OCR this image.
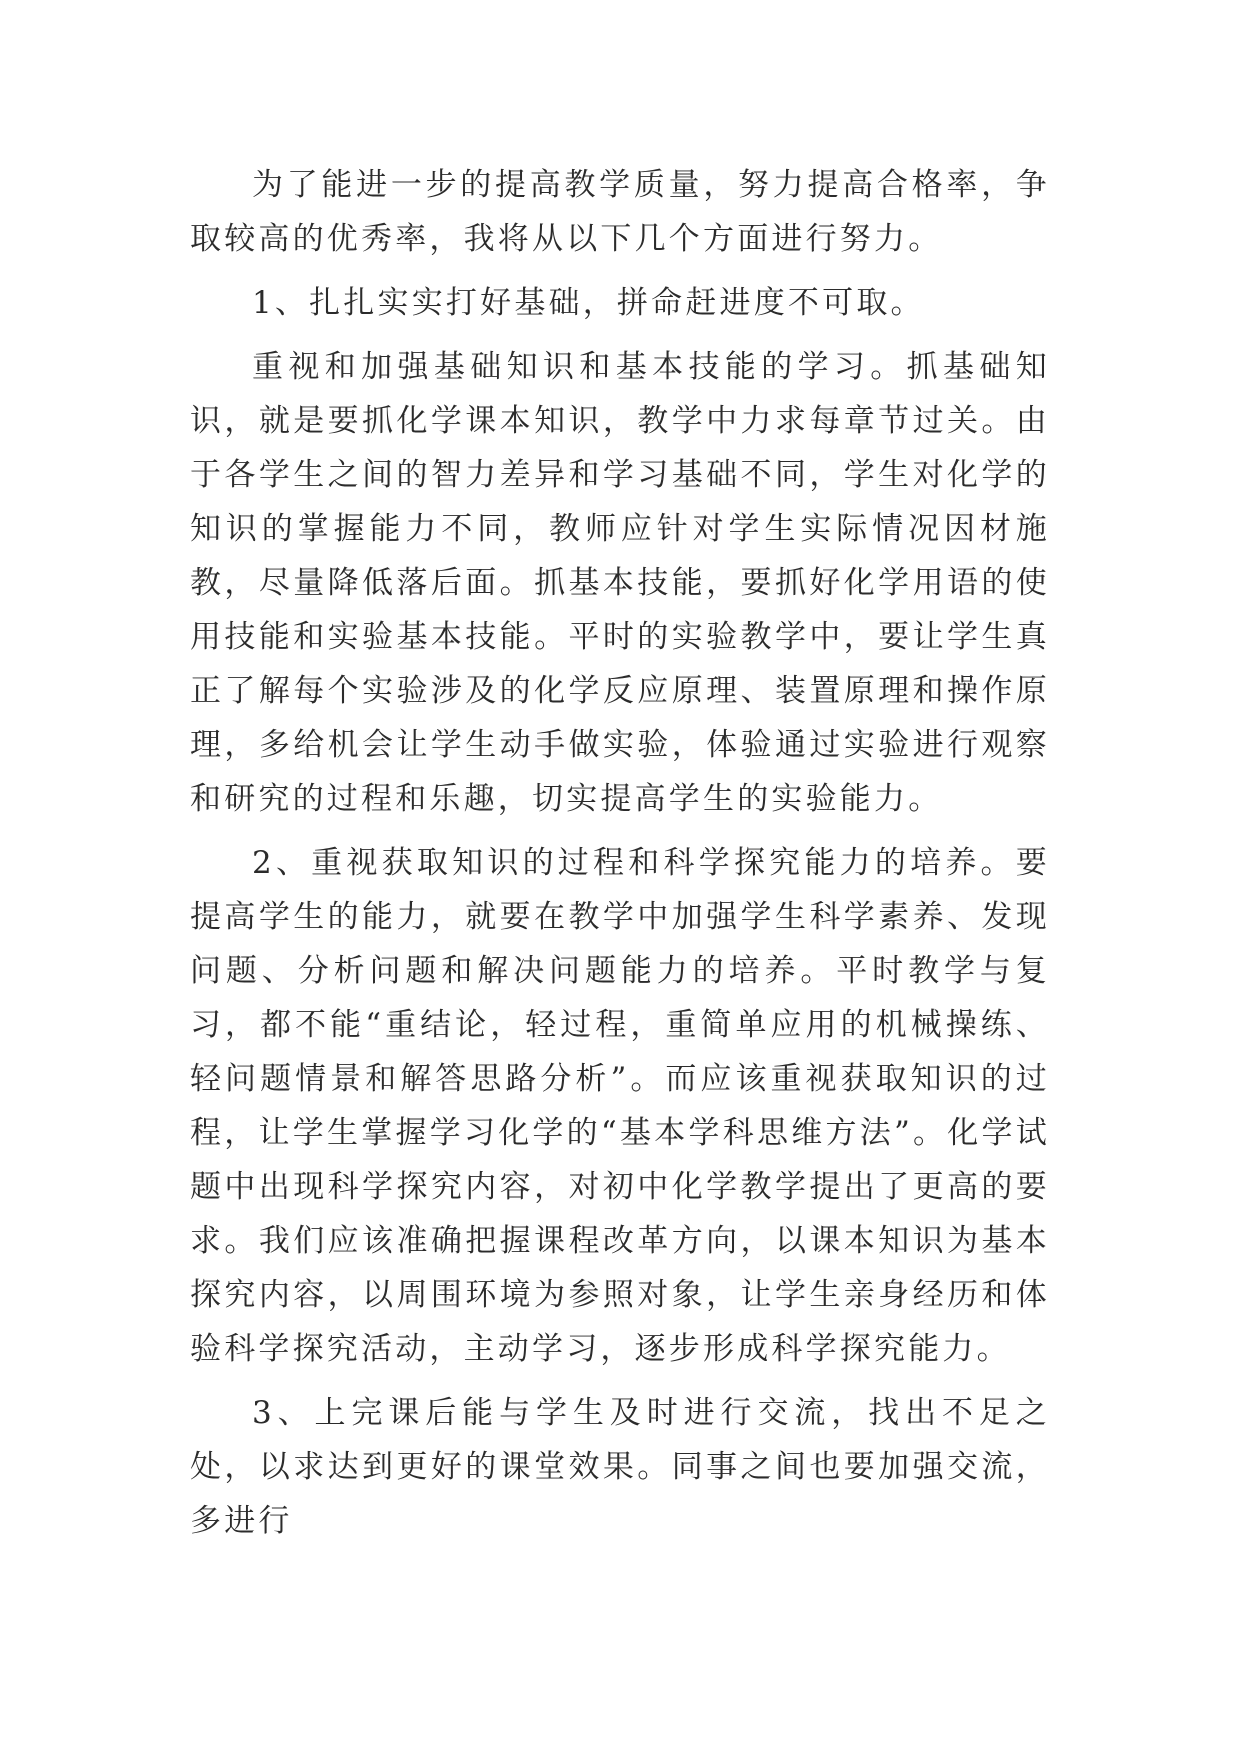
为了能进一步的提高教学质量，努力提高合格率，争取较高的优秀率，我将从以下几个方面进行努力。

1、扎扎实实打好基础，拼命赶进度不可取。

重视和加强基础知识和基本技能的学习。抓基础知识，就是要抓化学课本知识，教学中力求每章节过关。由于各学生之间的智力差异和学习基础不同，学生对化学的知识的掌握能力不同，教师应针对学生实际情况因材施教，尽量降低落后面。抓基本技能，要抓好化学用语的使用技能和实验基本技能。平时的实验教学中，要让学生真正了解每个实验涉及的化学反应原理、装置原理和操作原理，多给机会让学生动手做实验，体验通过实验进行观察和研究的过程和乐趣，切实提高学生的实验能力。

2、重视获取知识的过程和科学探究能力的培养。要提高学生的能力，就要在教学中加强学生科学素养、发现问题、分析问题和解决问题能力的培养。平时教学与复习，都不能“重结论，轻过程，重简单应用的机械操练、轻问题情景和解答思路分析”。而应该重视获取知识的过程，让学生掌握学习化学的“基本学科思维方法”。化学试题中出现科学探究内容，对初中化学教学提出了更高的要求。我们应该准确把握课程改革方向，以课本知识为基本探究内容，以周围环境为参照对象，让学生亲身经历和体验科学探究活动，主动学习，逐步形成科学探究能力。

3、上完课后能与学生及时进行交流，找出不足之处，以求达到更好的课堂效果。同事之间也要加强交流，多进行
